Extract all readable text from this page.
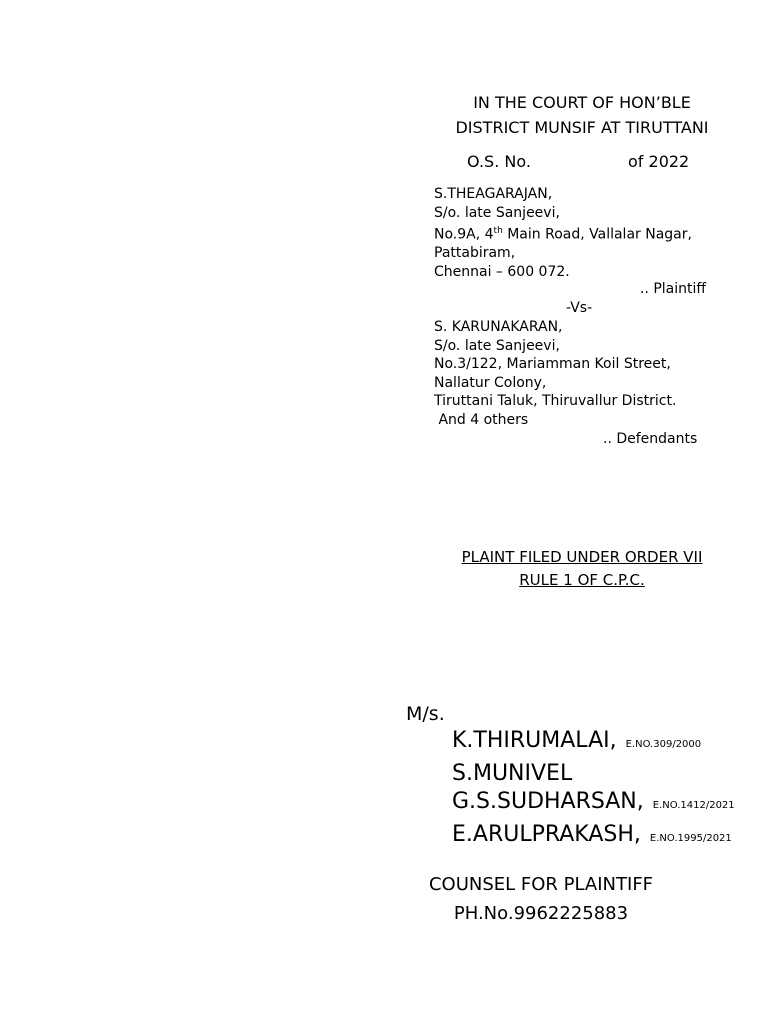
IN THE COURT OF HON’BLE
DISTRICT MUNSIF AT TIRUTTANI
O.S. No.	of 2022
S.THEAGARAJAN,
S/o. late Sanjeevi,
No.9A, 4th Main Road, Vallalar Nagar,
Pattabiram,
Chennai – 600 072.
.. Plaintiff
-Vs-
S. KARUNAKARAN,
S/o. late Sanjeevi,
No.3/122, Mariamman Koil Street,
Nallatur Colony,
Tiruttani Taluk, Thiruvallur District.
And 4 others
.. Defendants
PLAINT FILED UNDER ORDER VII
RULE 1 OF C.P.C.
M/s.
K.THIRUMALAI, E.NO.309/2000
S.MUNIVEL
G.S.SUDHARSAN, E.NO.1412/2021
E.ARULPRAKASH, E.NO.1995/2021
COUNSEL FOR PLAINTIFF
PH.No.9962225883
